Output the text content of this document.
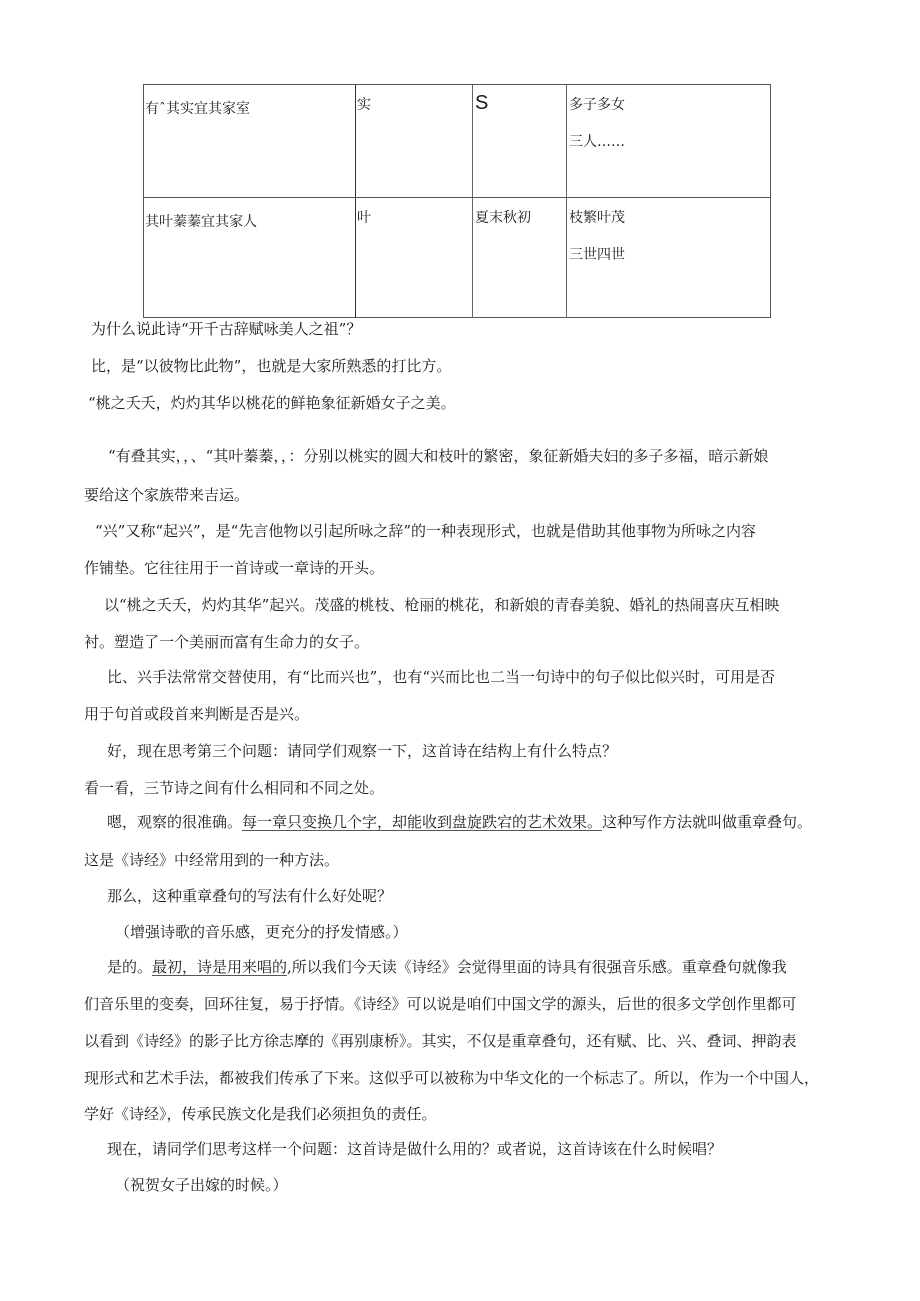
有ˆ其实宜其家室	实	S	多子多女
三人……
其叶蓁蓁宜其家人	叶	夏末秋初	枝繁叶茂
三世四世
为什么说此诗“开千古辞赋咏美人之祖”？
比，是“以彼物比此物”，也就是大家所熟悉的打比方。
“桃之夭夭，灼灼其华以桃花的鲜艳象征新婚女子之美。
“有叠其实，，、“其叶蓁蓁，，：分别以桃实的圆大和枝叶的繁密，象征新婚夫妇的多子多福，暗示新娘
要给这个家族带来吉运。
“兴”又称“起兴”，是“先言他物以引起所咏之辞”的一种表现形式，也就是借助其他事物为所咏之内容
作铺垫。它往往用于一首诗或一章诗的开头。
以“桃之夭夭，灼灼其华”起兴。茂盛的桃枝、枪丽的桃花，和新娘的青春美貌、婚礼的热闹喜庆互相映
衬。塑造了一个美丽而富有生命力的女子。
比、兴手法常常交替使用，有“比而兴也”，也有“兴而比也二当一句诗中的句子似比似兴时，可用是否
用于句首或段首来判断是否是兴。
好，现在思考第三个问题：请同学们观察一下，这首诗在结构上有什么特点？
看一看，三节诗之间有什么相同和不同之处。
嗯，观察的很准确。每一章只变换几个字，却能收到盘旋跌宕的艺术效果。这种写作方法就叫做重章叠句。
这是《诗经》中经常用到的一种方法。
那么，这种重章叠句的写法有什么好处呢？
（增强诗歌的音乐感，更充分的抒发情感。）
是的。最初，诗是用来唱的,所以我们今天读《诗经》会觉得里面的诗具有很强音乐感。重章叠句就像我
们音乐里的变奏，回环往复，易于抒情。《诗经》可以说是咱们中国文学的源头，后世的很多文学创作里都可
以看到《诗经》的影子比方徐志摩的《再别康桥》。其实，不仅是重章叠句，还有赋、比、兴、叠词、押韵表
现形式和艺术手法，都被我们传承了下来。这似乎可以被称为中华文化的一个标志了。所以，作为一个中国人，
学好《诗经》，传承民族文化是我们必须担负的责任。
现在，请同学们思考这样一个问题：这首诗是做什么用的？或者说，这首诗该在什么时候唱？
（祝贺女子出嫁的时候。）
